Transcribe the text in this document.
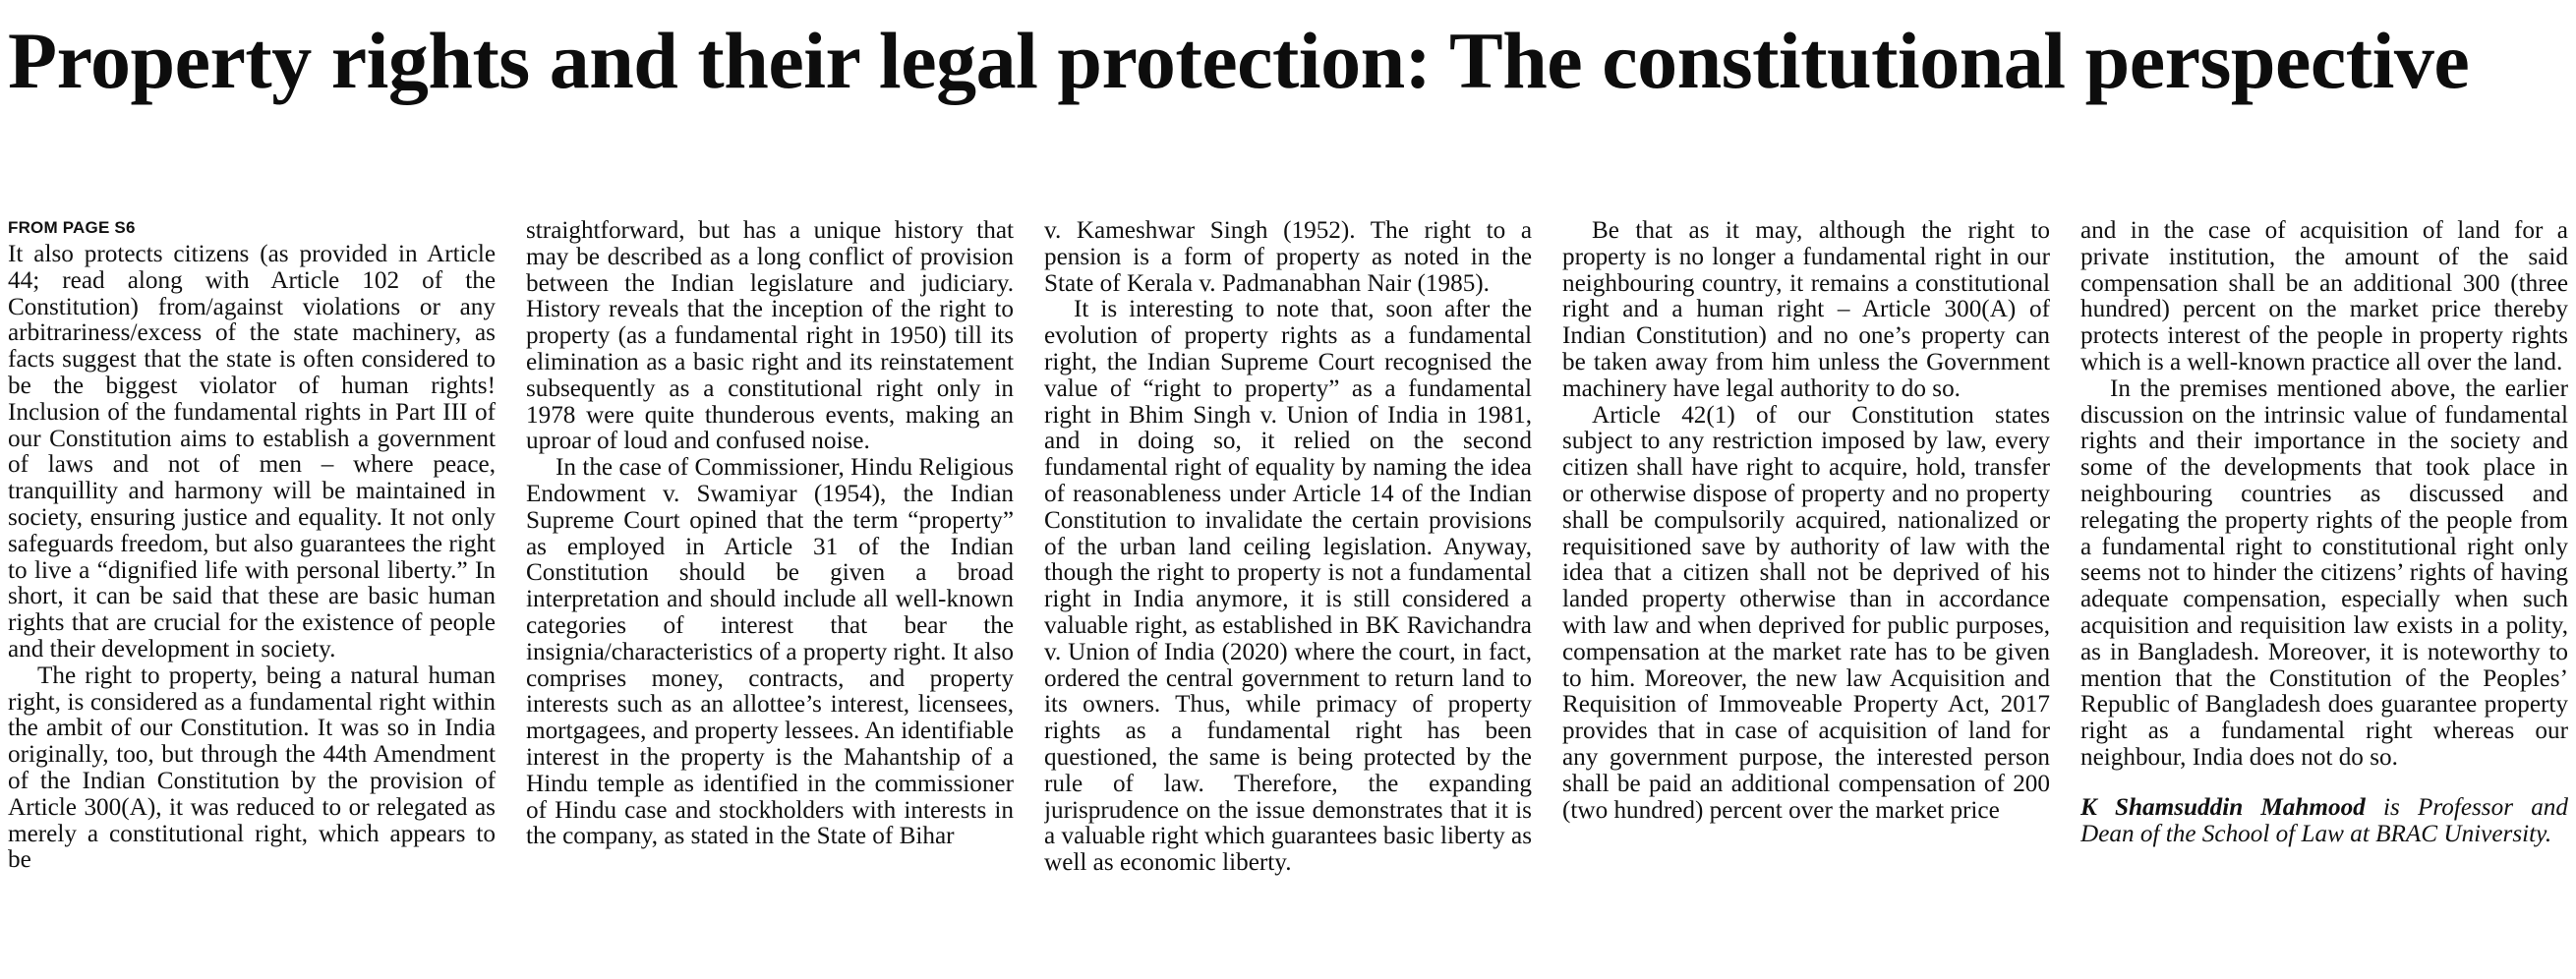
Property rights and their legal protection: The constitutional perspective
FROM PAGE S6

It also protects citizens (as provided in Article 44; read along with Article 102 of the Constitution) from/against violations or any arbitrariness/excess of the state machinery, as facts suggest that the state is often considered to be the biggest violator of human rights! Inclusion of the fundamental rights in Part III of our Constitution aims to establish a government of laws and not of men – where peace, tranquillity and harmony will be maintained in society, ensuring justice and equality. It not only safeguards freedom, but also guarantees the right to live a “dignified life with personal liberty.” In short, it can be said that these are basic human rights that are crucial for the existence of people and their development in society.

The right to property, being a natural human right, is considered as a fundamental right within the ambit of our Constitution. It was so in India originally, too, but through the 44th Amendment of the Indian Constitution by the provision of Article 300(A), it was reduced to or relegated as merely a constitutional right, which appears to be

straightforward, but has a unique history that may be described as a long conflict of provision between the Indian legislature and judiciary. History reveals that the inception of the right to property (as a fundamental right in 1950) till its elimination as a basic right and its reinstatement subsequently as a constitutional right only in 1978 were quite thunderous events, making an uproar of loud and confused noise.

In the case of Commissioner, Hindu Religious Endowment v. Swamiyar (1954), the Indian Supreme Court opined that the term “property” as employed in Article 31 of the Indian Constitution should be given a broad interpretation and should include all well-known categories of interest that bear the insignia/characteristics of a property right. It also comprises money, contracts, and property interests such as an allottee’s interest, licensees, mortgagees, and property lessees. An identifiable interest in the property is the Mahantship of a Hindu temple as identified in the commissioner of Hindu case and stockholders with interests in the company, as stated in the State of Bihar

v. Kameshwar Singh (1952). The right to a pension is a form of property as noted in the State of Kerala v. Padmanabhan Nair (1985).

It is interesting to note that, soon after the evolution of property rights as a fundamental right, the Indian Supreme Court recognised the value of “right to property” as a fundamental right in Bhim Singh v. Union of India in 1981, and in doing so, it relied on the second fundamental right of equality by naming the idea of reasonableness under Article 14 of the Indian Constitution to invalidate the certain provisions of the urban land ceiling legislation. Anyway, though the right to property is not a fundamental right in India anymore, it is still considered a valuable right, as established in BK Ravichandra v. Union of India (2020) where the court, in fact, ordered the central government to return land to its owners. Thus, while primacy of property rights as a fundamental right has been questioned, the same is being protected by the rule of law. Therefore, the expanding jurisprudence on the issue demonstrates that it is a valuable right which guarantees basic liberty as well as economic liberty.

Be that as it may, although the right to property is no longer a fundamental right in our neighbouring country, it remains a constitutional right and a human right – Article 300(A) of Indian Constitution) and no one’s property can be taken away from him unless the Government machinery have legal authority to do so.

Article 42(1) of our Constitution states subject to any restriction imposed by law, every citizen shall have right to acquire, hold, transfer or otherwise dispose of property and no property shall be compulsorily acquired, nationalized or requisitioned save by authority of law with the idea that a citizen shall not be deprived of his landed property otherwise than in accordance with law and when deprived for public purposes, compensation at the market rate has to be given to him. Moreover, the new law Acquisition and Requisition of Immoveable Property Act, 2017 provides that in case of acquisition of land for any government purpose, the interested person shall be paid an additional compensation of 200 (two hundred) percent over the market price

and in the case of acquisition of land for a private institution, the amount of the said compensation shall be an additional 300 (three hundred) percent on the market price thereby protects interest of the people in property rights which is a well-known practice all over the land.

In the premises mentioned above, the earlier discussion on the intrinsic value of fundamental rights and their importance in the society and some of the developments that took place in neighbouring countries as discussed and relegating the property rights of the people from a fundamental right to constitutional right only seems not to hinder the citizens’ rights of having adequate compensation, especially when such acquisition and requisition law exists in a polity, as in Bangladesh. Moreover, it is noteworthy to mention that the Constitution of the Peoples’ Republic of Bangladesh does guarantee property right as a fundamental right whereas our neighbour, India does not do so.

K Shamsuddin Mahmood is Professor and Dean of the School of Law at BRAC University.
